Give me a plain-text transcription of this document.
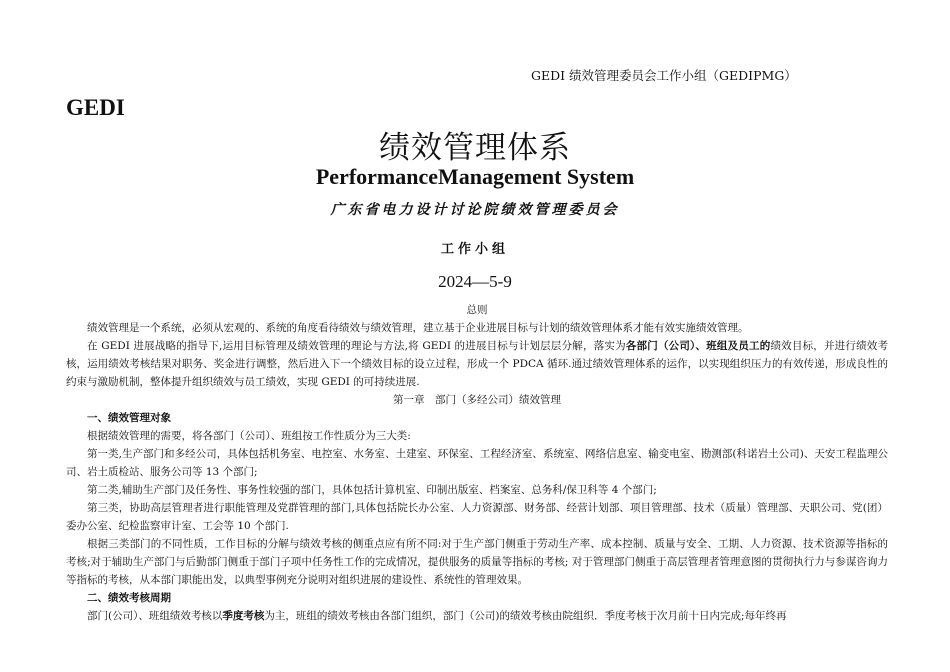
GEDI 绩效管理委员会工作小组（GEDIPMG）
GEDI
绩效管理体系
PerformanceManagement System
广东省电力设计讨论院绩效管理委员会
工作小组
2024—5-9
总则

绩效管理是一个系统，必须从宏观的、系统的角度看待绩效与绩效管理，建立基于企业进展目标与计划的绩效管理体系才能有效实施绩效管理。

在 GEDI 进展战略的指导下,运用目标管理及绩效管理的理论与方法,将 GEDI 的进展目标与计划层层分解，落实为各部门（公司）、班组及员工的绩效目标，并进行绩效考核，运用绩效考核结果对职务、奖金进行调整，然后进入下一个绩效目标的设立过程，形成一个 PDCA 循环.通过绩效管理体系的运作，以实现组织压力的有效传递，形成良性的约束与激励机制，整体提升组织绩效与员工绩效，实现 GEDI 的可持续进展.

第一章　部门（多经公司）绩效管理
一、绩效管理对象

根据绩效管理的需要，将各部门（公司）、班组按工作性质分为三大类:

第一类,生产部门和多经公司，具体包括机务室、电控室、水务室、土建室、环保室、工程经济室、系统室、网络信息室、输变电室、勘测部(科诺岩土公司)、天安工程监理公司、岩土质检站、服务公司等 13 个部门;

第二类,辅助生产部门及任务性、事务性较强的部门，具体包括计算机室、印制出版室、档案室、总务科/保卫科等 4 个部门;

第三类，协助高层管理者进行职能管理及党群管理的部门,具体包括院长办公室、人力资源部、财务部、经营计划部、项目管理部、技术（质量）管理部、天职公司、党(团）委办公室、纪检监察审计室、工会等 10 个部门.

根据三类部门的不同性质，工作目标的分解与绩效考核的侧重点应有所不同:对于生产部门侧重于劳动生产率、成本控制、质量与安全、工期、人力资源、技术资源等指标的考核;对于辅助生产部门与后勤部门侧重于部门子项中任务性工作的完成情况，提供服务的质量等指标的考核; 对于管理部门侧重于高层管理者管理意图的贯彻执行力与参谋咨询力等指标的考核，从本部门职能出发，以典型事例充分说明对组织进展的建设性、系统性的管理效果。

二、绩效考核周期

部门(公司）、班组绩效考核以季度考核为主，班组的绩效考核由各部门组织，部门（公司)的绩效考核由院组织．季度考核于次月前十日内完成;每年终再
